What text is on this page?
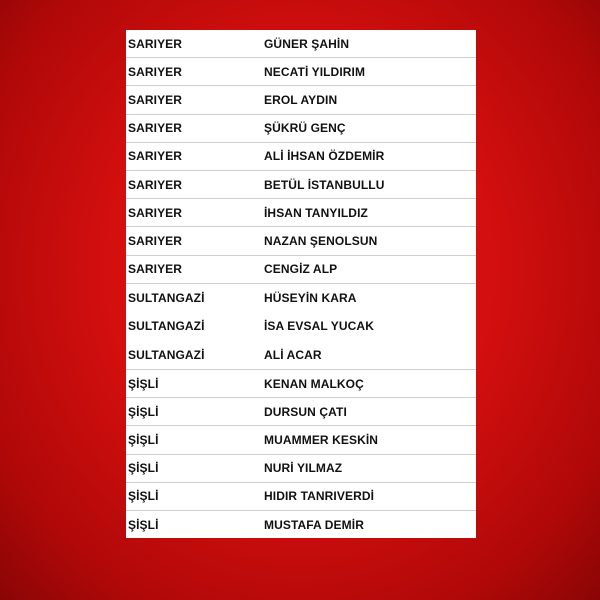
SARIYER	GÜNER ŞAHİN
SARIYER	NECATİ YILDIRIM
SARIYER	EROL AYDIN
SARIYER	ŞÜKRÜ GENÇ
SARIYER	ALİ İHSAN ÖZDEMİR
SARIYER	BETÜL İSTANBULLU
SARIYER	İHSAN TANYILDIZ
SARIYER	NAZAN ŞENOLSUN
SARIYER	CENGİZ ALP
SULTANGAZİ	HÜSEYİN KARA
SULTANGAZİ	İSA EVSAL YUCAK
SULTANGAZİ	ALİ ACAR
ŞİŞLİ	KENAN MALKOÇ
ŞİŞLİ	DURSUN ÇATI
ŞİŞLİ	MUAMMER KESKİN
ŞİŞLİ	NURİ YILMAZ
ŞİŞLİ	HIDIR TANRIVERDİ
ŞİŞLİ	MUSTAFA DEMİR
